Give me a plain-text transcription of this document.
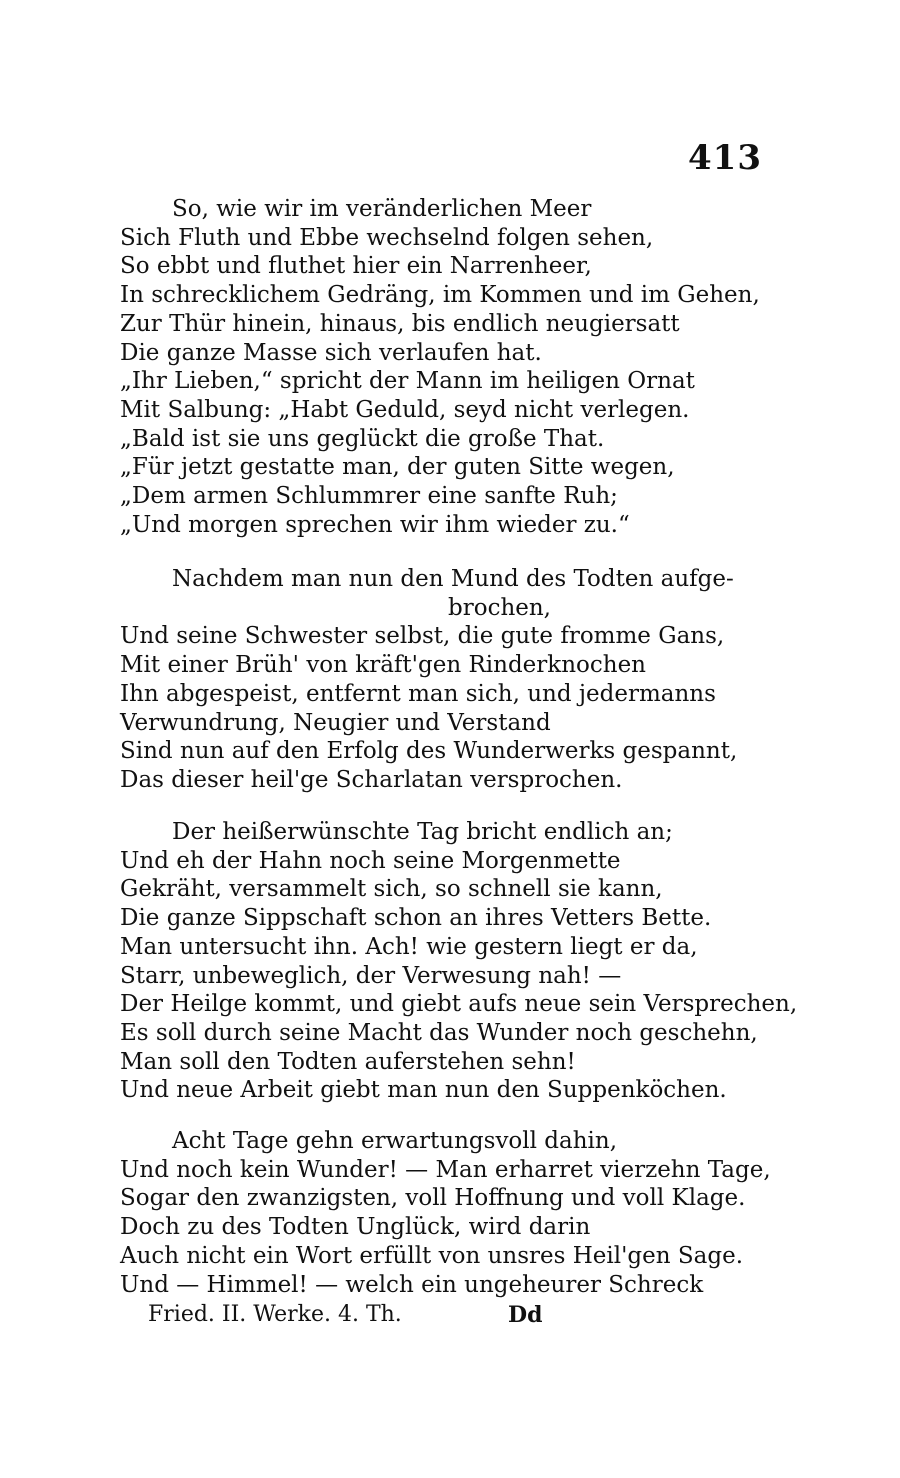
413
So, wie wir im veränderlichen Meer
Sich Fluth und Ebbe wechselnd folgen sehen,
So ebbt und fluthet hier ein Narrenheer,
In schrecklichem Gedräng, im Kommen und im Gehen,
Zur Thür hinein, hinaus, bis endlich neugiersatt
Die ganze Masse sich verlaufen hat.
„Ihr Lieben,“ spricht der Mann im heiligen Ornat
Mit Salbung: „Habt Geduld, seyd nicht verlegen.
„Bald ist sie uns geglückt die große That.
„Für jetzt gestatte man, der guten Sitte wegen,
„Dem armen Schlummrer eine sanfte Ruh;
„Und morgen sprechen wir ihm wieder zu.“
Nachdem man nun den Mund des Todten aufge-
brochen,
Und seine Schwester selbst, die gute fromme Gans,
Mit einer Brüh' von kräft'gen Rinderknochen
Ihn abgespeist, entfernt man sich, und jedermanns
Verwundrung, Neugier und Verstand
Sind nun auf den Erfolg des Wunderwerks gespannt,
Das dieser heil'ge Scharlatan versprochen.
Der heißerwünschte Tag bricht endlich an;
Und eh der Hahn noch seine Morgenmette
Gekräht, versammelt sich, so schnell sie kann,
Die ganze Sippschaft schon an ihres Vetters Bette.
Man untersucht ihn. Ach! wie gestern liegt er da,
Starr, unbeweglich, der Verwesung nah! —
Der Heilge kommt, und giebt aufs neue sein Versprechen,
Es soll durch seine Macht das Wunder noch geschehn,
Man soll den Todten auferstehen sehn!
Und neue Arbeit giebt man nun den Suppenköchen.
Acht Tage gehn erwartungsvoll dahin,
Und noch kein Wunder! — Man erharret vierzehn Tage,
Sogar den zwanzigsten, voll Hoffnung und voll Klage.
Doch zu des Todten Unglück, wird darin
Auch nicht ein Wort erfüllt von unsres Heil'gen Sage.
Und — Himmel! — welch ein ungeheurer Schreck
Fried. II. Werke. 4. Th.	Dd
